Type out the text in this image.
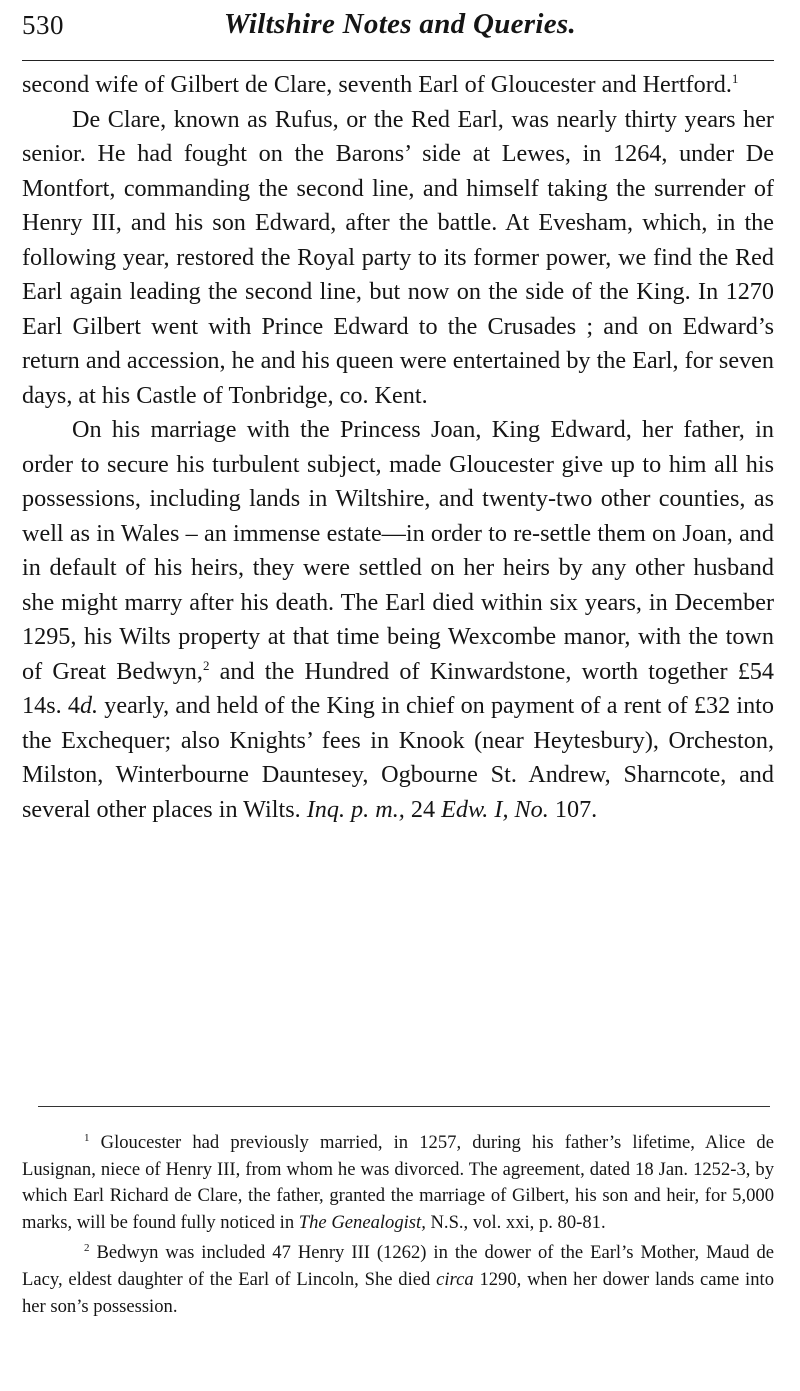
530	Wiltshire Notes and Queries.

second wife of Gilbert de Clare, seventh Earl of Gloucester and Hertford.$^1$

De Clare, known as Rufus, or the Red Earl, was nearly thirty years her senior. He had fought on the Barons’ side at Lewes, in 1264, under De Montfort, commanding the second line, and himself taking the surrender of Henry III, and his son Edward, after the battle. At Evesham, which, in the following year, restored the Royal party to its former power, we find the Red Earl again leading the second line, but now on the side of the King. In 1270 Earl Gilbert went with Prince Edward to the Crusades ; and on Edward’s return and accession, he and his queen were entertained by the Earl, for seven days, at his Castle of Tonbridge, co. Kent.

On his marriage with the Princess Joan, King Edward, her father, in order to secure his turbulent subject, made Gloucester give up to him all his possessions, including lands in Wiltshire, and twenty-two other counties, as well as in Wales – an immense estate—in order to re-settle them on Joan, and in default of his heirs, they were settled on her heirs by any other husband she might marry after his death. The Earl died within six years, in December 1295, his Wilts property at that time being Wexcombe manor, with the town of Great Bedwyn,$^2$ and the Hundred of Kinwardstone, worth together £54 14s. 4d. yearly, and held of the King in chief on payment of a rent of £32 into the Exchequer; also Knights’ fees in Knook (near Heytesbury), Orcheston, Milston, Winterbourne Dauntesey, Ogbourne St. Andrew, Sharncote, and several other places in Wilts. Inq. p. m., 24 Edw. I, No. 107.

$^1$ Gloucester had previously married, in 1257, during his father’s lifetime, Alice de Lusignan, niece of Henry III, from whom he was divorced. The agreement, dated 18 Jan. 1252-3, by which Earl Richard de Clare, the father, granted the marriage of Gilbert, his son and heir, for 5,000 marks, will be found fully noticed in The Genealogist, N.S., vol. xxi, p. 80-81.

$^2$ Bedwyn was included 47 Henry III (1262) in the dower of the Earl’s Mother, Maud de Lacy, eldest daughter of the Earl of Lincoln, She died circa 1290, when her dower lands came into her son’s possession.
